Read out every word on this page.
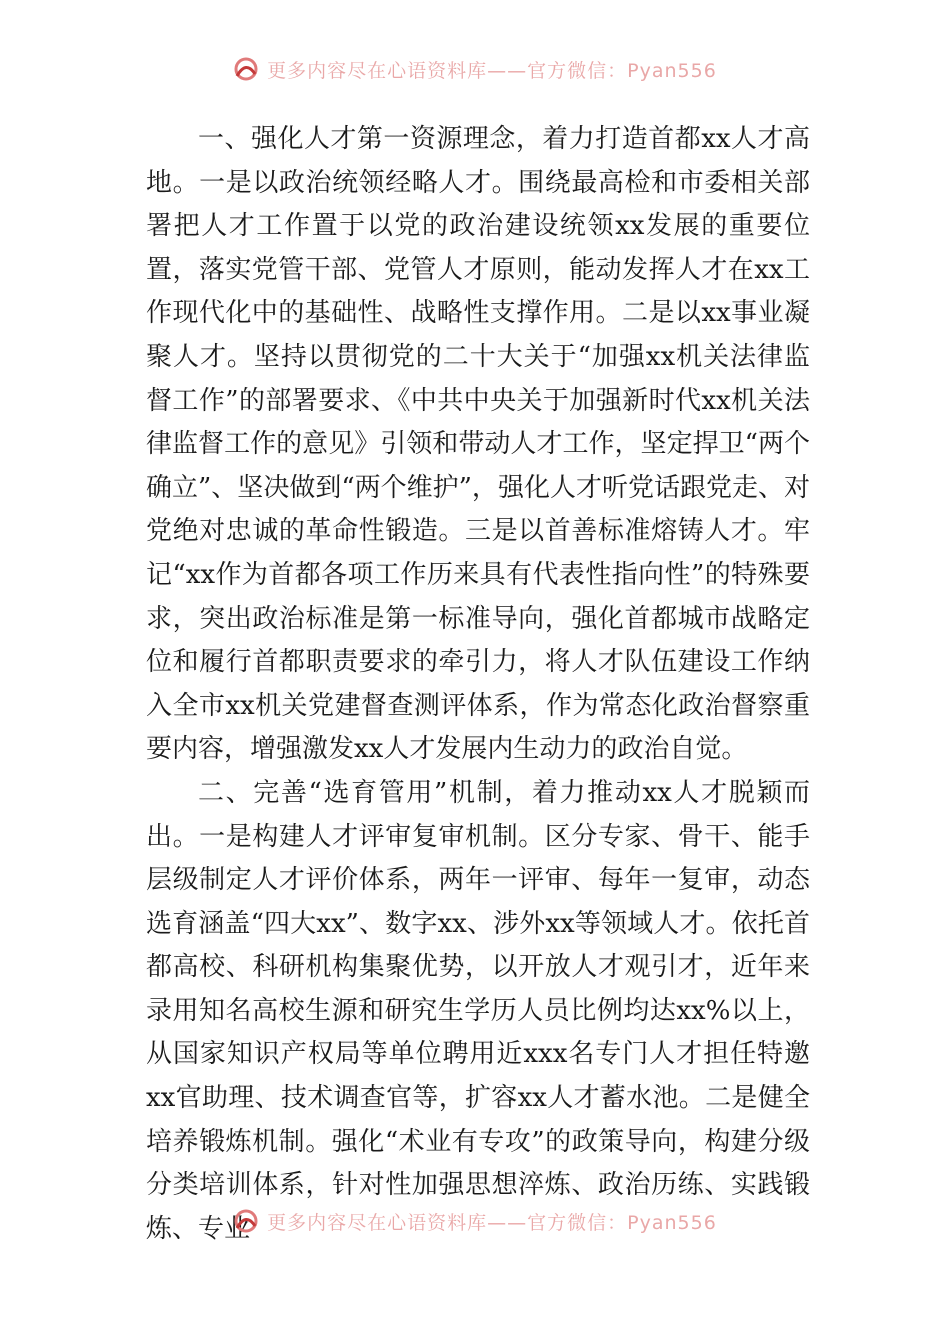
更多内容尽在心语资料库——官方微信：Pyan556

一、强化人才第一资源理念，着力打造首都xx人才高地。一是以政治统领经略人才。围绕最高检和市委相关部署把人才工作置于以党的政治建设统领xx发展的重要位置，落实党管干部、党管人才原则，能动发挥人才在xx工作现代化中的基础性、战略性支撑作用。二是以xx事业凝聚人才。坚持以贯彻党的二十大关于“加强xx机关法律监督工作”的部署要求、《中共中央关于加强新时代xx机关法律监督工作的意见》引领和带动人才工作，坚定捍卫“两个确立”、坚决做到“两个维护”，强化人才听党话跟党走、对党绝对忠诚的革命性锻造。三是以首善标准熔铸人才。牢记“xx作为首都各项工作历来具有代表性指向性”的特殊要求，突出政治标准是第一标准导向，强化首都城市战略定位和履行首都职责要求的牵引力，将人才队伍建设工作纳入全市xx机关党建督查测评体系，作为常态化政治督察重要内容，增强激发xx人才发展内生动力的政治自觉。

二、完善“选育管用”机制，着力推动xx人才脱颖而出。一是构建人才评审复审机制。区分专家、骨干、能手层级制定人才评价体系，两年一评审、每年一复审，动态选育涵盖“四大xx”、数字xx、涉外xx等领域人才。依托首都高校、科研机构集聚优势，以开放人才观引才，近年来录用知名高校生源和研究生学历人员比例均达xx%以上，从国家知识产权局等单位聘用近xxx名专门人才担任特邀xx官助理、技术调查官等，扩容xx人才蓄水池。二是健全培养锻炼机制。强化“术业有专攻”的政策导向，构建分级分类培训体系，针对性加强思想淬炼、政治历练、实践锻炼、专业 更多内容尽在心语资料库——官方微信：Pyan556
